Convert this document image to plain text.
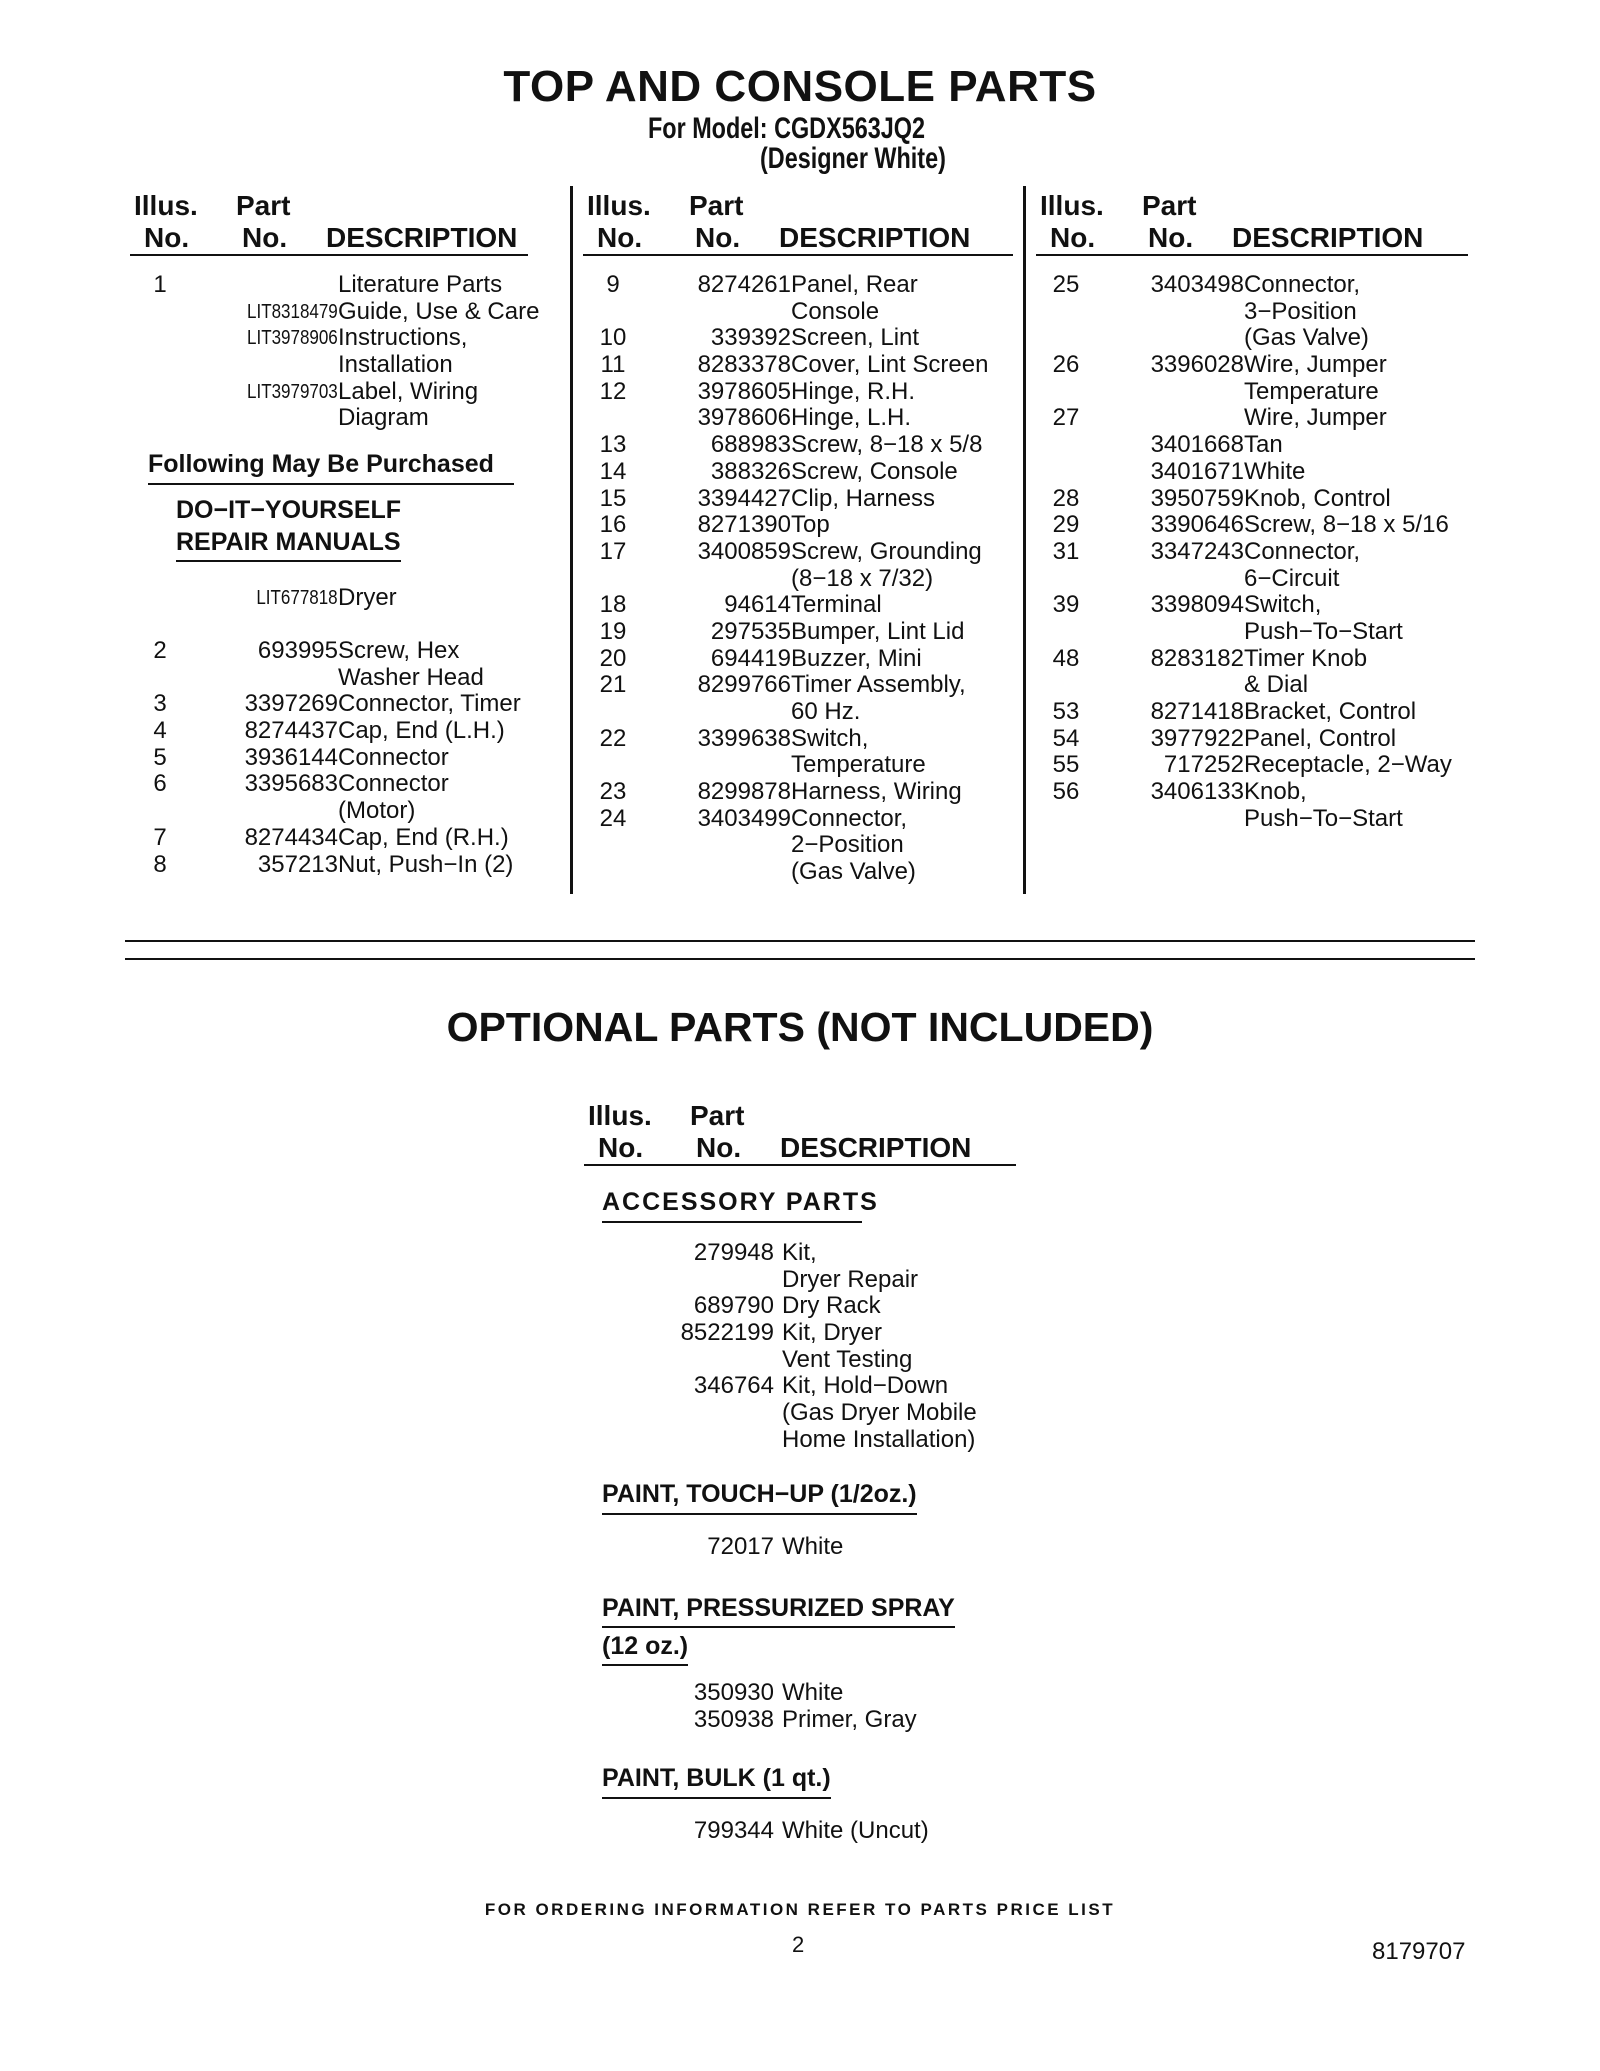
TOP AND CONSOLE PARTS
For Model: CGDX563JQ2
(Designer White)
Illus. Part
No. No. DESCRIPTION
1	Literature Parts
LIT8318479 Guide, Use & Care
LIT3978906 Instructions,
Installation
LIT3979703 Label, Wiring
Diagram
Following May Be Purchased
DO−IT−YOURSELF
REPAIR MANUALS
LIT677818 Dryer
2	693995 Screw, Hex
Washer Head
3	3397269 Connector, Timer
4	8274437 Cap, End (L.H.)
5	3936144 Connector
6	3395683 Connector
(Motor)
7	8274434 Cap, End (R.H.)
8	357213 Nut, Push−In (2)
Illus. Part
No. No. DESCRIPTION
9	8274261 Panel, Rear
Console
10	339392 Screen, Lint
11	8283378 Cover, Lint Screen
12	3978605 Hinge, R.H.
3978606 Hinge, L.H.
13	688983 Screw, 8−18 x 5/8
14	388326 Screw, Console
15	3394427 Clip, Harness
16	8271390 Top
17	3400859 Screw, Grounding
(8−18 x 7/32)
18	94614 Terminal
19	297535 Bumper, Lint Lid
20	694419 Buzzer, Mini
21	8299766 Timer Assembly,
60 Hz.
22	3399638 Switch,
Temperature
23	8299878 Harness, Wiring
24	3403499 Connector,
2−Position
(Gas Valve)
Illus. Part
No. No. DESCRIPTION
25	3403498 Connector,
3−Position
(Gas Valve)
26	3396028 Wire, Jumper
Temperature
27	Wire, Jumper
3401668 Tan
3401671 White
28	3950759 Knob, Control
29	3390646 Screw, 8−18 x 5/16
31	3347243 Connector,
6−Circuit
39	3398094 Switch,
Push−To−Start
48	8283182 Timer Knob
& Dial
53	8271418 Bracket, Control
54	3977922 Panel, Control
55	717252 Receptacle, 2−Way
56	3406133 Knob,
Push−To−Start
OPTIONAL PARTS (NOT INCLUDED)
Illus. Part
No. No. DESCRIPTION
ACCESSORY PARTS
279948 Kit,
Dryer Repair
689790 Dry Rack
8522199 Kit, Dryer
Vent Testing
346764 Kit, Hold−Down
(Gas Dryer Mobile
Home Installation)
PAINT, TOUCH−UP (1/2oz.)
72017 White
PAINT, PRESSURIZED SPRAY
(12 oz.)
350930 White
350938 Primer, Gray
PAINT, BULK (1 qt.)
799344 White (Uncut)
FOR ORDERING INFORMATION REFER TO PARTS PRICE LIST
2	8179707
